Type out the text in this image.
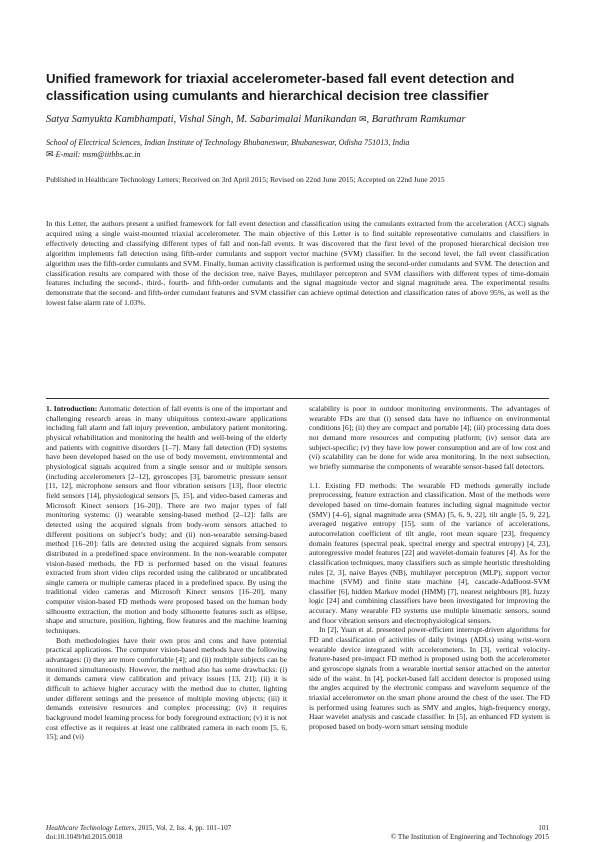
Unified framework for triaxial accelerometer-based fall event detection and classification using cumulants and hierarchical decision tree classifier
Satya Samyukta Kambhampati, Vishal Singh, M. Sabarimalai Manikandan ✉, Barathram Ramkumar
School of Electrical Sciences, Indian Institute of Technology Bhubaneswar, Bhubaneswar, Odisha 751013, India
✉ E-mail: msm@iitbbs.ac.in
Published in Healthcare Technology Letters; Received on 3rd April 2015; Revised on 22nd June 2015; Accepted on 22nd June 2015
In this Letter, the authors present a unified framework for fall event detection and classification using the cumulants extracted from the acceleration (ACC) signals acquired using a single waist-mounted triaxial accelerometer. The main objective of this Letter is to find suitable representative cumulants and classifiers in effectively detecting and classifying different types of fall and non-fall events. It was discovered that the first level of the proposed hierarchical decision tree algorithm implements fall detection using fifth-order cumulants and support vector machine (SVM) classifier. In the second level, the fall event classification algorithm uses the fifth-order cumulants and SVM. Finally, human activity classification is performed using the second-order cumulants and SVM. The detection and classification results are compared with those of the decision tree, naive Bayes, multilayer perceptron and SVM classifiers with different types of time-domain features including the second-, third-, fourth- and fifth-order cumulants and the signal magnitude vector and signal magnitude area. The experimental results demonstrate that the second- and fifth-order cumulant features and SVM classifier can achieve optimal detection and classification rates of above 95%, as well as the lowest false alarm rate of 1.03%.

1. Introduction: Automatic detection of fall events is one of the important and challenging research areas in many ubiquitous context-aware applications including fall alarm and fall injury prevention, ambulatory patient monitoring, physical rehabilitation and monitoring the health and well-being of the elderly and patients with cognitive disorders [1–7]. Many fall detection (FD) systems have been developed based on the use of body movement, environmental and physiological signals acquired from a single sensor and or multiple sensors (including accelerometers [2–12], gyroscopes [3], barometric pressure sensor [11, 12], microphone sensors and floor vibration sensors [13], floor electric field sensors [14], physiological sensors [5, 15], and video-based cameras and Microsoft Kinect sensors [16–20]). There are two major types of fall monitoring systems: (i) wearable sensing-based method [2–12]: falls are detected using the acquired signals from body-worn sensors attached to different positions on subject’s body; and (ii) non-wearable sensing-based method [16–20]: falls are detected using the acquired signals from sensors distributed in a predefined space environment. In the non-wearable computer vision-based methods, the FD is performed based on the visual features extracted from short video clips recorded using the calibrated or uncalibrated single camera or multiple cameras placed in a predefined space. By using the traditional video cameras and Microsoft Kinect sensors [16–20], many computer vision-based FD methods were proposed based on the human body silhouette extraction, the motion and body silhouette features such as ellipse, shape and structure, position, lighting, flow features and the machine learning techniques.

Both methodologies have their own pros and cons and have potential practical applications. The computer vision-based methods have the following advantages: (i) they are more comfortable [4]; and (ii) multiple subjects can be monitored simultaneously. However, the method also has some drawbacks: (i) it demands camera view calibration and privacy issues [13, 21]; (ii) it is difficult to achieve higher accuracy with the method due to clutter, lighting under different settings and the presence of multiple moving objects; (iii) it demands extensive resources and complex processing; (iv) it requires background model learning process for body foreground extraction; (v) it is not cost effective as it requires at least one calibrated camera in each room [5, 6, 15]; and (vi)

scalability is poor in outdoor monitoring environments. The advantages of wearable FDs are that (i) sensed data have no influence on environmental conditions [6]; (ii) they are compact and portable [4]; (iii) processing data does not demand more resources and computing platform; (iv) sensor data are subject-specific; (v) they have low power consumption and are of low cost and (vi) scalability can be done for wide area monitoring. In the next subsection, we briefly summarise the components of wearable sensor-based fall detectors.

1.1. Existing FD methods: The wearable FD methods generally include preprocessing, feature extraction and classification. Most of the methods were developed based on time-domain features including signal magnitude vector (SMV) [4–6], signal magnitude area (SMA) [5, 6, 9, 22], tilt angle [5, 9, 22], averaged negative entropy [15], sum of the variance of accelerations, autocorrelation coefficient of tilt angle, root mean square [23], frequency domain features (spectral peak, spectral energy and spectral entropy) [4, 23], autoregressive model features [22] and wavelet-domain features [4]. As for the classification techniques, many classifiers such as simple heuristic thresholding rules [2, 3], naive Bayes (NB), multilayer perceptron (MLP), support vector machine (SVM) and finite state machine [4], cascade-AdaBoost-SVM classifier [6], hidden Markov model (HMM) [7], nearest neighbours [8], fuzzy logic [24] and combining classifiers have been investigated for improving the accuracy. Many wearable FD systems use multiple kinematic sensors, sound and floor vibration sensors and electrophysiological sensors.

In [2], Yuan et al. presented power-efficient interrupt-driven algorithms for FD and classification of activities of daily livings (ADLs) using wrist-worn wearable device integrated with accelerometers. In [3], vertical velocity-feature-based pre-impact FD method is proposed using both the accelerometer and gyroscope signals from a wearable inertial sensor attached on the anterior side of the waist. In [4], pocket-based fall accident detector is proposed using the angles acquired by the electronic compass and waveform sequence of the triaxial accelerometer on the smart phone around the chest of the user. The FD is performed using features such as SMV and angles, high-frequency energy, Haar wavelet analysis and cascade classifier. In [5], an enhanced FD system is proposed based on body-worn smart sensing module

Healthcare Technology Letters, 2015, Vol. 2, Iss. 4, pp. 101–107
doi:10.1049/htl.2015.0018
101
© The Institution of Engineering and Technology 2015
